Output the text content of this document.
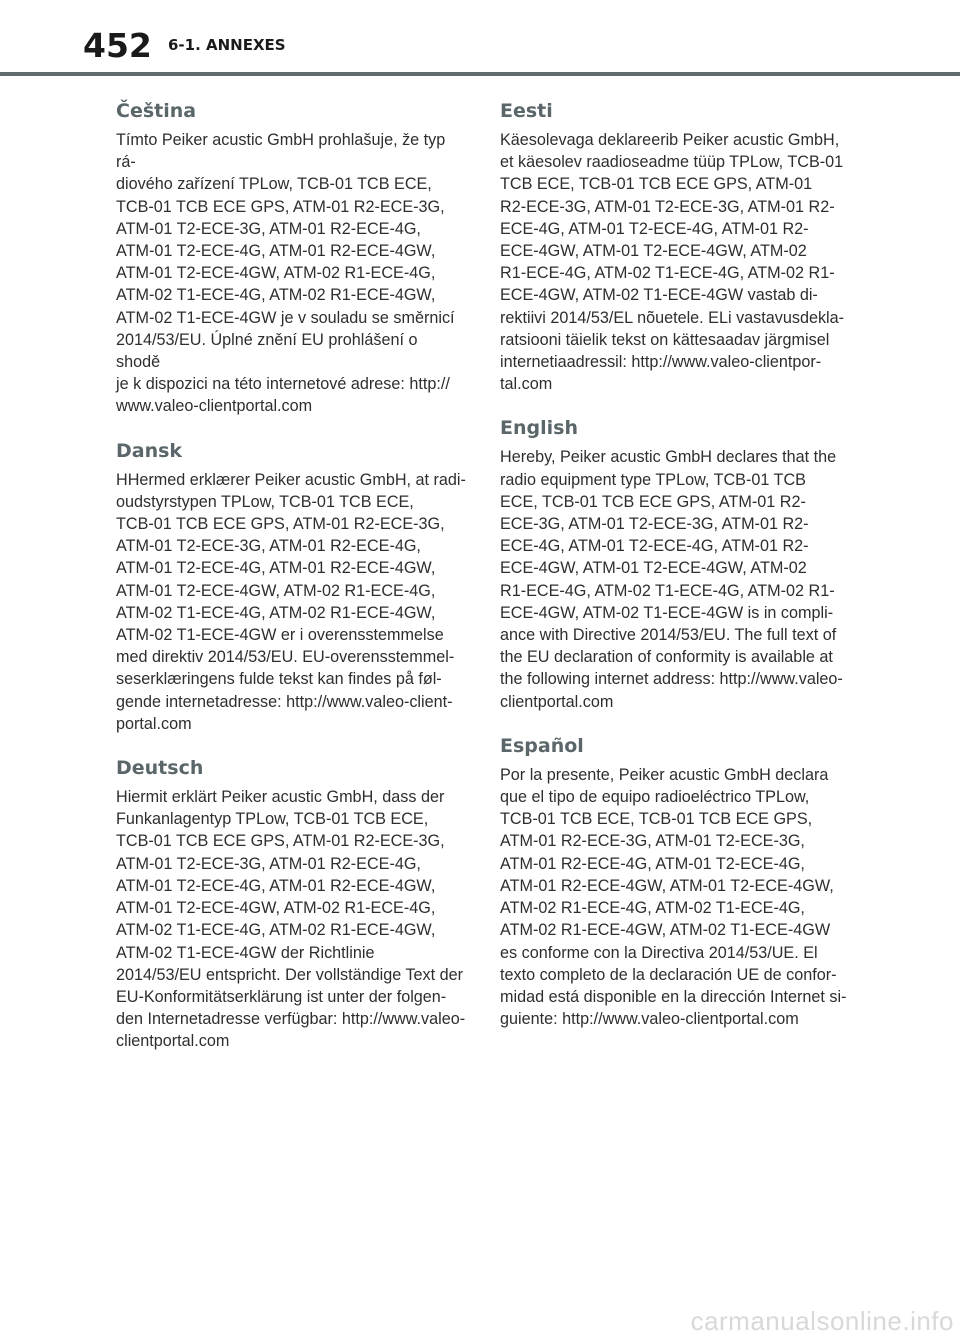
452 6-1. ANNEXES
Čeština

Tímto Peiker acustic GmbH prohlašuje, že typ rá-
diového zařízení TPLow, TCB-01 TCB ECE,
TCB-01 TCB ECE GPS, ATM-01 R2-ECE-3G,
ATM-01 T2-ECE-3G, ATM-01 R2-ECE-4G,
ATM-01 T2-ECE-4G, ATM-01 R2-ECE-4GW,
ATM-01 T2-ECE-4GW, ATM-02 R1-ECE-4G,
ATM-02 T1-ECE-4G, ATM-02 R1-ECE-4GW,
ATM-02 T1-ECE-4GW je v souladu se směrnicí
2014/53/EU. Úplné znění EU prohlášení o shodě
je k dispozici na této internetové adrese: http://
www.valeo-clientportal.com

Dansk

HHermed erklærer Peiker acustic GmbH, at radi-
oudstyrstypen TPLow, TCB-01 TCB ECE,
TCB-01 TCB ECE GPS, ATM-01 R2-ECE-3G,
ATM-01 T2-ECE-3G, ATM-01 R2-ECE-4G,
ATM-01 T2-ECE-4G, ATM-01 R2-ECE-4GW,
ATM-01 T2-ECE-4GW, ATM-02 R1-ECE-4G,
ATM-02 T1-ECE-4G, ATM-02 R1-ECE-4GW,
ATM-02 T1-ECE-4GW er i overensstemmelse
med direktiv 2014/53/EU. EU-overensstemmel-
seserklæringens fulde tekst kan findes på føl-
gende internetadresse: http://www.valeo-client-
portal.com

Deutsch

Hiermit erklärt Peiker acustic GmbH, dass der
Funkanlagentyp TPLow, TCB-01 TCB ECE,
TCB-01 TCB ECE GPS, ATM-01 R2-ECE-3G,
ATM-01 T2-ECE-3G, ATM-01 R2-ECE-4G,
ATM-01 T2-ECE-4G, ATM-01 R2-ECE-4GW,
ATM-01 T2-ECE-4GW, ATM-02 R1-ECE-4G,
ATM-02 T1-ECE-4G, ATM-02 R1-ECE-4GW,
ATM-02 T1-ECE-4GW der Richtlinie
2014/53/EU entspricht. Der vollständige Text der
EU-Konformitätserklärung ist unter der folgen-
den Internetadresse verfügbar: http://www.valeo-
clientportal.com

Eesti

Käesolevaga deklareerib Peiker acustic GmbH,
et käesolev raadioseadme tüüp TPLow, TCB-01
TCB ECE, TCB-01 TCB ECE GPS, ATM-01
R2-ECE-3G, ATM-01 T2-ECE-3G, ATM-01 R2-
ECE-4G, ATM-01 T2-ECE-4G, ATM-01 R2-
ECE-4GW, ATM-01 T2-ECE-4GW, ATM-02
R1-ECE-4G, ATM-02 T1-ECE-4G, ATM-02 R1-
ECE-4GW, ATM-02 T1-ECE-4GW vastab di-
rektiivi 2014/53/EL nõuetele. ELi vastavusdekla-
ratsiooni täielik tekst on kättesaadav järgmisel
internetiaadressil: http://www.valeo-clientpor-
tal.com

English

Hereby, Peiker acustic GmbH declares that the
radio equipment type TPLow, TCB-01 TCB
ECE, TCB-01 TCB ECE GPS, ATM-01 R2-
ECE-3G, ATM-01 T2-ECE-3G, ATM-01 R2-
ECE-4G, ATM-01 T2-ECE-4G, ATM-01 R2-
ECE-4GW, ATM-01 T2-ECE-4GW, ATM-02
R1-ECE-4G, ATM-02 T1-ECE-4G, ATM-02 R1-
ECE-4GW, ATM-02 T1-ECE-4GW is in compli-
ance with Directive 2014/53/EU. The full text of
the EU declaration of conformity is available at
the following internet address: http://www.valeo-
clientportal.com

Español

Por la presente, Peiker acustic GmbH declara
que el tipo de equipo radioeléctrico TPLow,
TCB-01 TCB ECE, TCB-01 TCB ECE GPS,
ATM-01 R2-ECE-3G, ATM-01 T2-ECE-3G,
ATM-01 R2-ECE-4G, ATM-01 T2-ECE-4G,
ATM-01 R2-ECE-4GW, ATM-01 T2-ECE-4GW,
ATM-02 R1-ECE-4G, ATM-02 T1-ECE-4G,
ATM-02 R1-ECE-4GW, ATM-02 T1-ECE-4GW
es conforme con la Directiva 2014/53/UE. El
texto completo de la declaración UE de confor-
midad está disponible en la dirección Internet si-
guiente: http://www.valeo-clientportal.com

carmanualsonline.info
